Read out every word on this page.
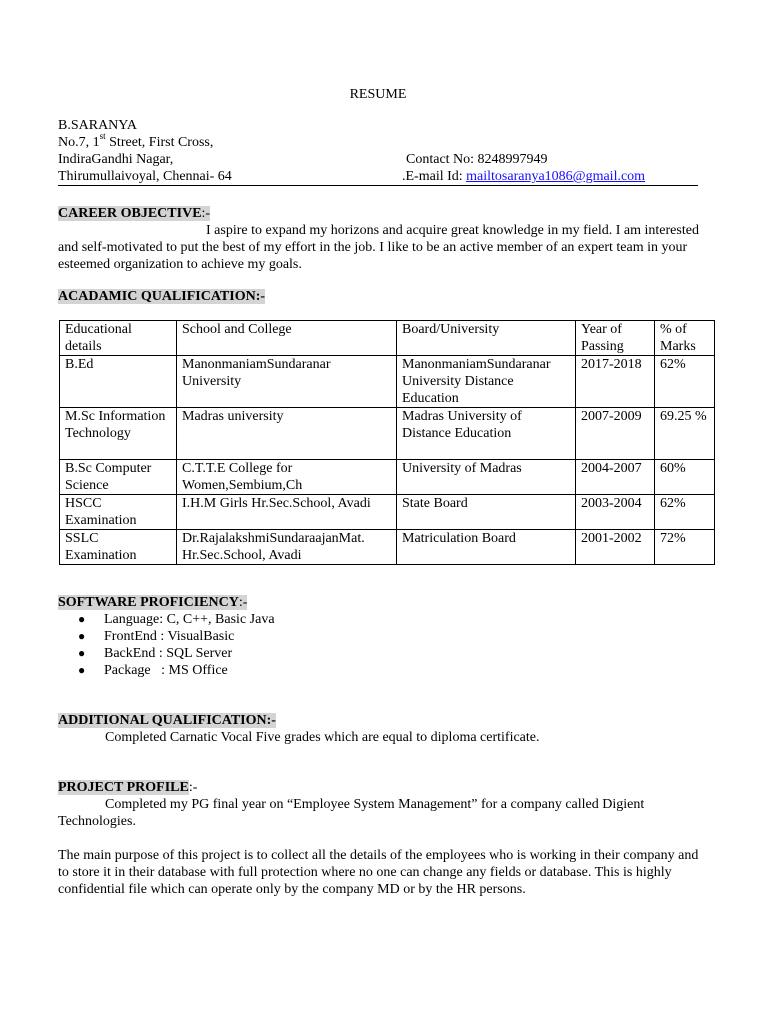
RESUME
B.SARANYA
No.7, 1st Street, First Cross,
IndiraGandhi Nagar,
Thirumullaivoyal, Chennai- 64
Contact No: 8248997949
.E-mail Id: mailtosaranya1086@gmail.com
CAREER OBJECTIVE:-
I aspire to expand my horizons and acquire great knowledge in my field. I am interested and self-motivated to put the best of my effort in the job. I like to be an active member of an expert team in your esteemed organization to achieve my goals.
ACADAMIC QUALIFICATION:-
Educational details	School and College	Board/University	Year of Passing	% of Marks
B.Ed	ManonmaniamSundaranar University	ManonmaniamSundaranar University Distance Education	2017-2018	62%
M.Sc Information Technology	Madras university	Madras University of Distance Education	2007-2009	69.25 %
B.Sc Computer Science	C.T.T.E College for Women,Sembium,Ch	University of Madras	2004-2007	60%
HSCC Examination	I.H.M Girls Hr.Sec.School, Avadi	State Board	2003-2004	62%
SSLC Examination	Dr.RajalakshmiSundaraajanMat. Hr.Sec.School, Avadi	Matriculation Board	2001-2002	72%
SOFTWARE PROFICIENCY:-
● Language: C, C++, Basic Java
● FrontEnd : VisualBasic
● BackEnd : SQL Server
● Package   : MS Office
ADDITIONAL QUALIFICATION:-
Completed Carnatic Vocal Five grades which are equal to diploma certificate.
PROJECT PROFILE:-
Completed my PG final year on “Employee System Management” for a company called Digient Technologies.
The main purpose of this project is to collect all the details of the employees who is working in their company and to store it in their database with full protection where no one can change any fields or database. This is highly confidential file which can operate only by the company MD or by the HR persons.
